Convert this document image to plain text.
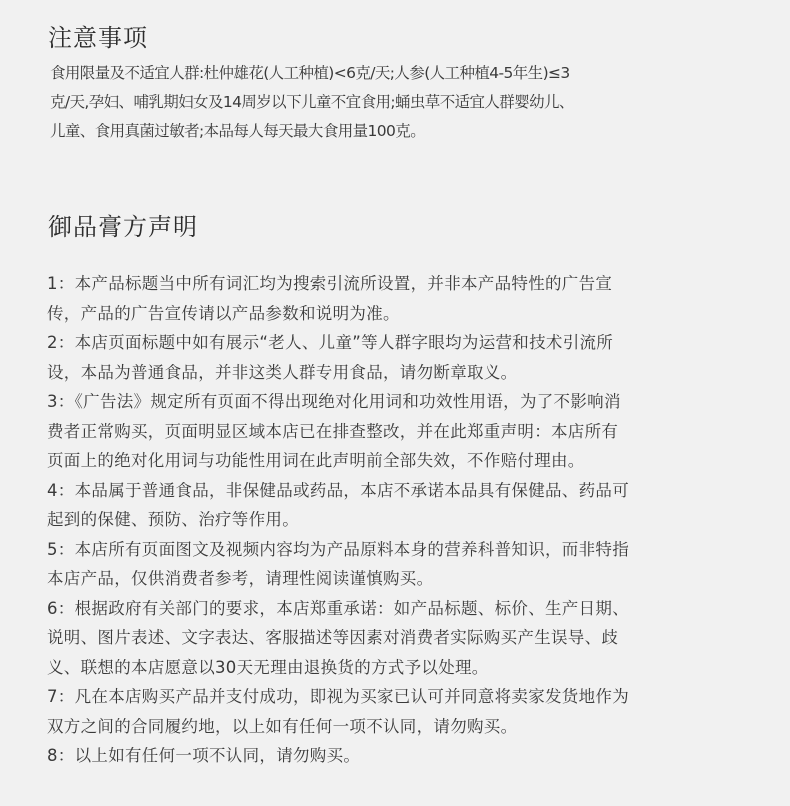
注意事项

食用限量及不适宜人群:杜仲雄花(人工种植)<6克/天;人参(人工种植4-5年生)≤3
克/天,孕妇、哺乳期妇女及14周岁以下儿童不宜食用;蛹虫草不适宜人群婴幼儿、
儿童、食用真菌过敏者;本品每人每天最大食用量100克。

御品膏方声明
1：本产品标题当中所有词汇均为搜索引流所设置，并非本产品特性的广告宣
传，产品的广告宣传请以产品参数和说明为准。
2：本店页面标题中如有展示“老人、儿童”等人群字眼均为运营和技术引流所
设，本品为普通食品，并非这类人群专用食品，请勿断章取义。
3：《广告法》规定所有页面不得出现绝对化用词和功效性用语，为了不影响消
费者正常购买，页面明显区域本店已在排查整改，并在此郑重声明：本店所有
页面上的绝对化用词与功能性用词在此声明前全部失效，不作赔付理由。
4：本品属于普通食品，非保健品或药品，本店不承诺本品具有保健品、药品可
起到的保健、预防、治疗等作用。
5：本店所有页面图文及视频内容均为产品原料本身的营养科普知识，而非特指
本店产品，仅供消费者参考，请理性阅读谨慎购买。
6：根据政府有关部门的要求，本店郑重承诺：如产品标题、标价、生产日期、
说明、图片表述、文字表达、客服描述等因素对消费者实际购买产生误导、歧
义、联想的本店愿意以30天无理由退换货的方式予以处理。
7：凡在本店购买产品并支付成功，即视为买家已认可并同意将卖家发货地作为
双方之间的合同履约地，以上如有任何一项不认同，请勿购买。
8：以上如有任何一项不认同，请勿购买。
